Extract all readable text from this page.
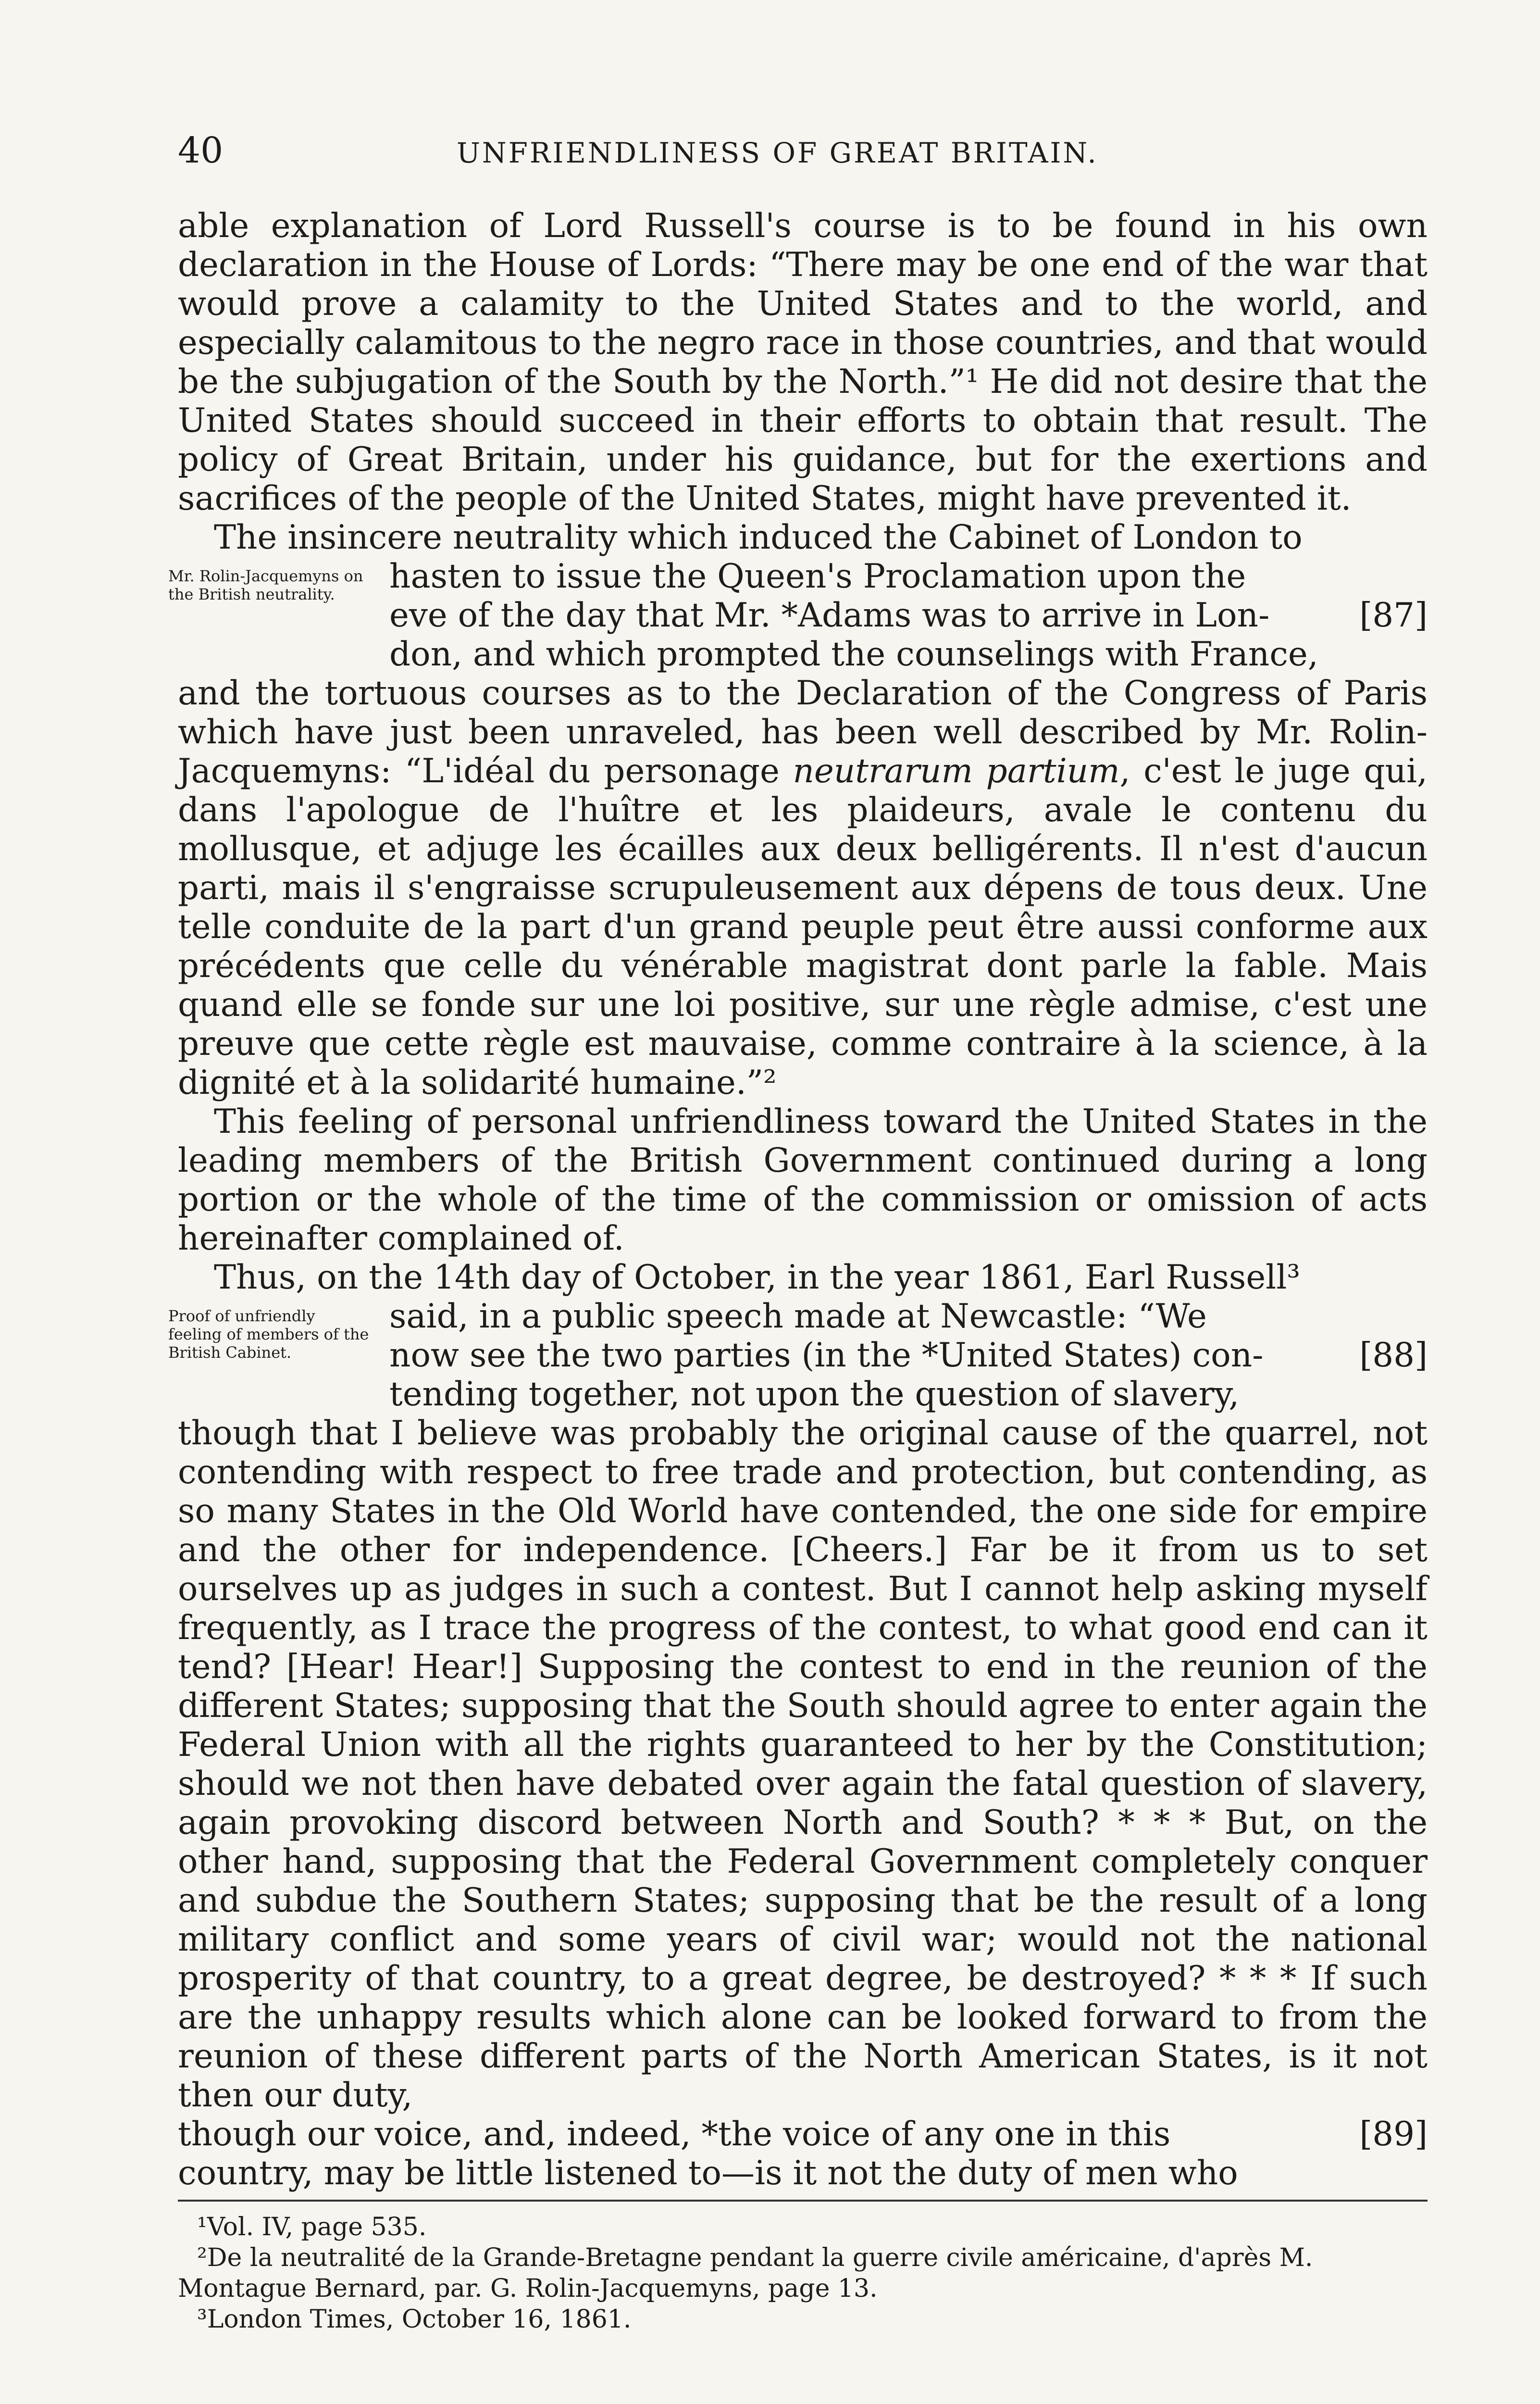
40	UNFRIENDLINESS OF GREAT BRITAIN.

able explanation of Lord Russell's course is to be found in his own declaration in the House of Lords: “There may be one end of the war that would prove a calamity to the United States and to the world, and especially calamitous to the negro race in those countries, and that would be the subjugation of the South by the North.”¹ He did not desire that the United States should succeed in their efforts to obtain that result. The policy of Great Britain, under his guidance, but for the exertions and sacrifices of the people of the United States, might have prevented it.

The insincere neutrality which induced the Cabinet of London to

Mr. Rolin-Jacquemyns on the British neutrality.	hasten to issue the Queen's Proclamation upon the
eve of the day that Mr. *Adams was to arrive in Lon-	[87]
don, and which prompted the counselings with France,

and the tortuous courses as to the Declaration of the Congress of Paris which have just been unraveled, has been well described by Mr. Rolin-Jacquemyns: “L'idéal du personage neutrarum partium, c'est le juge qui, dans l'apologue de l'huître et les plaideurs, avale le contenu du mollusque, et adjuge les écailles aux deux belligérents. Il n'est d'aucun parti, mais il s'engraisse scrupuleusement aux dépens de tous deux. Une telle conduite de la part d'un grand peuple peut être aussi conforme aux précédents que celle du vénérable magistrat dont parle la fable. Mais quand elle se fonde sur une loi positive, sur une règle admise, c'est une preuve que cette règle est mauvaise, comme contraire à la science, à la dignité et à la solidarité humaine.”²

This feeling of personal unfriendliness toward the United States in the leading members of the British Government continued during a long portion or the whole of the time of the commission or omission of acts hereinafter complained of.

Thus, on the 14th day of October, in the year 1861, Earl Russell³

Proof of unfriendly feeling of members of the British Cabinet.
said, in a public speech made at Newcastle: “We
now see the two parties (in the *United States) con-	[88]
tending together, not upon the question of slavery,

though that I believe was probably the original cause of the quarrel, not contending with respect to free trade and protection, but contending, as so many States in the Old World have contended, the one side for empire and the other for independence. [Cheers.] Far be it from us to set ourselves up as judges in such a contest. But I cannot help asking myself frequently, as I trace the progress of the contest, to what good end can it tend? [Hear! Hear!] Supposing the contest to end in the reunion of the different States; supposing that the South should agree to enter again the Federal Union with all the rights guaranteed to her by the Constitution; should we not then have debated over again the fatal question of slavery, again provoking discord between North and South? * * * But, on the other hand, supposing that the Federal Government completely conquer and subdue the Southern States; supposing that be the result of a long military conflict and some years of civil war; would not the national prosperity of that country, to a great degree, be destroyed? * * * If such are the unhappy results which alone can be looked forward to from the reunion of these different parts of the North American States, is it not then our duty,

though our voice, and, indeed, *the voice of any one in this	[89]
country, may be little listened to—is it not the duty of men who
¹Vol. IV, page 535.
²De la neutralité de la Grande-Bretagne pendant la guerre civile américaine, d'après M. Montague Bernard, par. G. Rolin-Jacquemyns, page 13.
³London Times, October 16, 1861.
